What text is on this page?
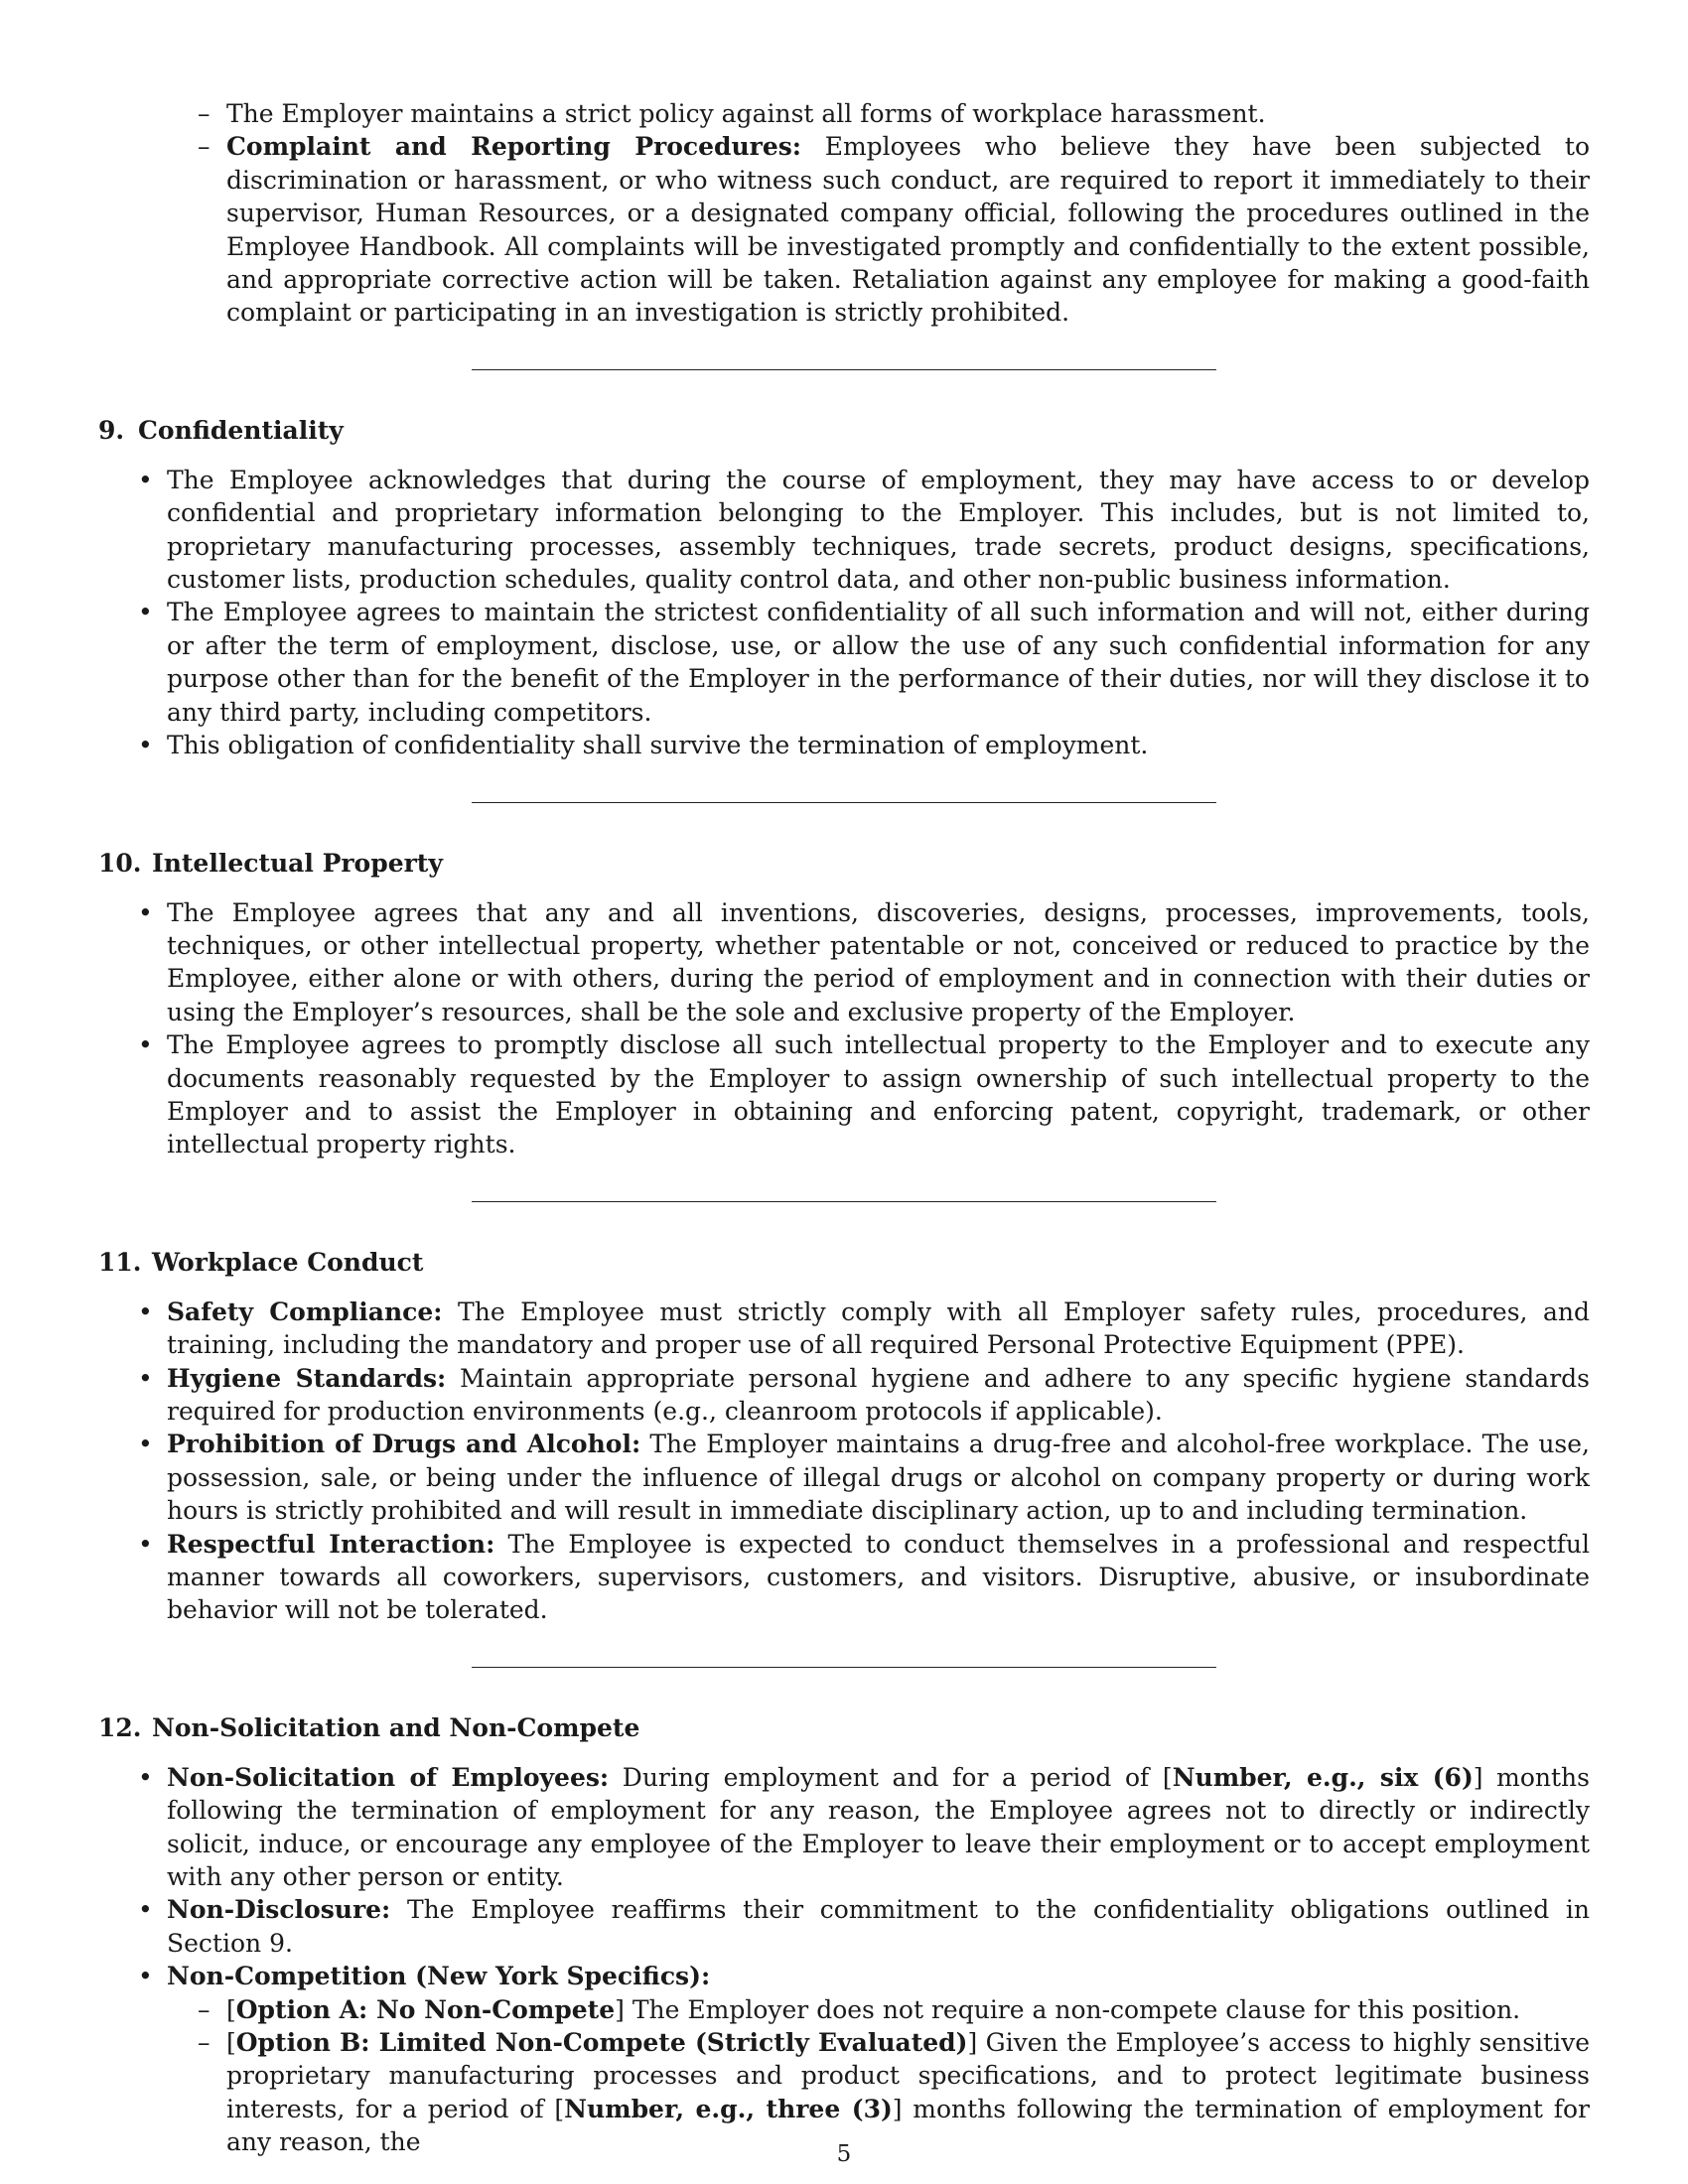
– The Employer maintains a strict policy against all forms of workplace harassment.
– Complaint and Reporting Procedures: Employees who believe they have been subjected to discrimination or harassment, or who witness such conduct, are required to report it immediately to their supervisor, Human Resources, or a designated company official, following the procedures outlined in the Employee Handbook. All complaints will be investigated promptly and confidentially to the extent possible, and appropriate corrective action will be taken. Retaliation against any employee for making a good-faith complaint or participating in an investigation is strictly prohibited.
9. Confidentiality
• The Employee acknowledges that during the course of employment, they may have access to or develop confidential and proprietary information belonging to the Employer. This includes, but is not limited to, proprietary manufacturing processes, assembly techniques, trade secrets, product designs, specifications, customer lists, production schedules, quality control data, and other non-public business information.
• The Employee agrees to maintain the strictest confidentiality of all such information and will not, either during or after the term of employment, disclose, use, or allow the use of any such confidential information for any purpose other than for the benefit of the Employer in the performance of their duties, nor will they disclose it to any third party, including competitors.
• This obligation of confidentiality shall survive the termination of employment.
10. Intellectual Property
• The Employee agrees that any and all inventions, discoveries, designs, processes, improvements, tools, techniques, or other intellectual property, whether patentable or not, conceived or reduced to practice by the Employee, either alone or with others, during the period of employment and in connection with their duties or using the Employer’s resources, shall be the sole and exclusive property of the Employer.
• The Employee agrees to promptly disclose all such intellectual property to the Employer and to execute any documents reasonably requested by the Employer to assign ownership of such intellectual property to the Employer and to assist the Employer in obtaining and enforcing patent, copyright, trademark, or other intellectual property rights.
11. Workplace Conduct
• Safety Compliance: The Employee must strictly comply with all Employer safety rules, procedures, and training, including the mandatory and proper use of all required Personal Protective Equipment (PPE).
• Hygiene Standards: Maintain appropriate personal hygiene and adhere to any specific hygiene standards required for production environments (e.g., cleanroom protocols if applicable).
• Prohibition of Drugs and Alcohol: The Employer maintains a drug-free and alcohol-free workplace. The use, possession, sale, or being under the influence of illegal drugs or alcohol on company property or during work hours is strictly prohibited and will result in immediate disciplinary action, up to and including termination.
• Respectful Interaction: The Employee is expected to conduct themselves in a professional and respectful manner towards all coworkers, supervisors, customers, and visitors. Disruptive, abusive, or insubordinate behavior will not be tolerated.
12. Non-Solicitation and Non-Compete
• Non-Solicitation of Employees: During employment and for a period of [Number, e.g., six (6)] months following the termination of employment for any reason, the Employee agrees not to directly or indirectly solicit, induce, or encourage any employee of the Employer to leave their employment or to accept employment with any other person or entity.
• Non-Disclosure: The Employee reaffirms their commitment to the confidentiality obligations outlined in Section 9.
• Non-Competition (New York Specifics):
– [Option A: No Non-Compete] The Employer does not require a non-compete clause for this position.
– [Option B: Limited Non-Compete (Strictly Evaluated)] Given the Employee’s access to highly sensitive proprietary manufacturing processes and product specifications, and to protect legitimate business interests, for a period of [Number, e.g., three (3)] months following the termination of employment for any reason, the	5
